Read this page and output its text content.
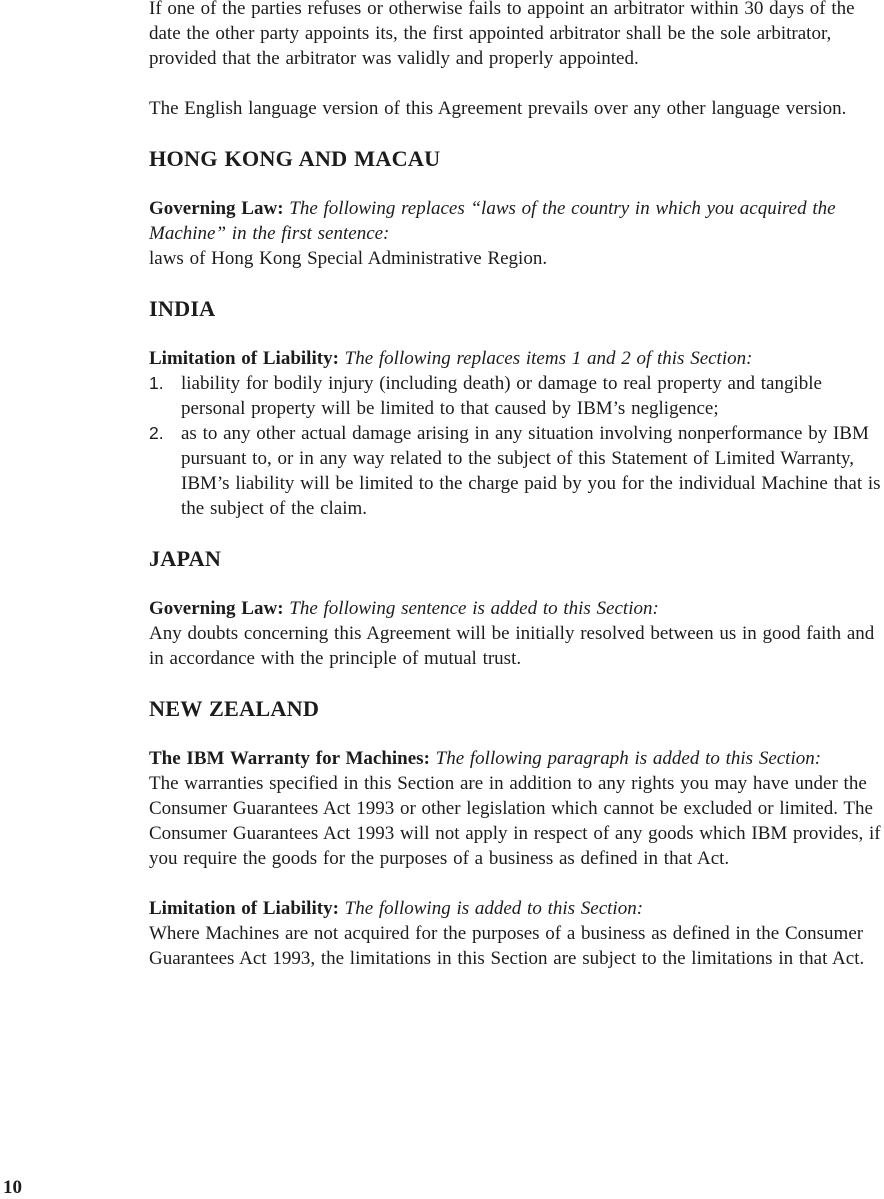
If one of the parties refuses or otherwise fails to appoint an arbitrator within 30 days of the date the other party appoints its, the first appointed arbitrator shall be the sole arbitrator, provided that the arbitrator was validly and properly appointed.

The English language version of this Agreement prevails over any other language version.

HONG KONG AND MACAU

Governing Law: The following replaces “laws of the country in which you acquired the Machine” in the first sentence:
laws of Hong Kong Special Administrative Region.

INDIA

Limitation of Liability: The following replaces items 1 and 2 of this Section:

1. liability for bodily injury (including death) or damage to real property and tangible personal property will be limited to that caused by IBM’s negligence;
2. as to any other actual damage arising in any situation involving nonperformance by IBM pursuant to, or in any way related to the subject of this Statement of Limited Warranty, IBM’s liability will be limited to the charge paid by you for the individual Machine that is the subject of the claim.
JAPAN

Governing Law: The following sentence is added to this Section:
Any doubts concerning this Agreement will be initially resolved between us in good faith and in accordance with the principle of mutual trust.

NEW ZEALAND

The IBM Warranty for Machines: The following paragraph is added to this Section:
The warranties specified in this Section are in addition to any rights you may have under the Consumer Guarantees Act 1993 or other legislation which cannot be excluded or limited. The Consumer Guarantees Act 1993 will not apply in respect of any goods which IBM provides, if you require the goods for the purposes of a business as defined in that Act.

Limitation of Liability: The following is added to this Section:
Where Machines are not acquired for the purposes of a business as defined in the Consumer Guarantees Act 1993, the limitations in this Section are subject to the limitations in that Act.

10
